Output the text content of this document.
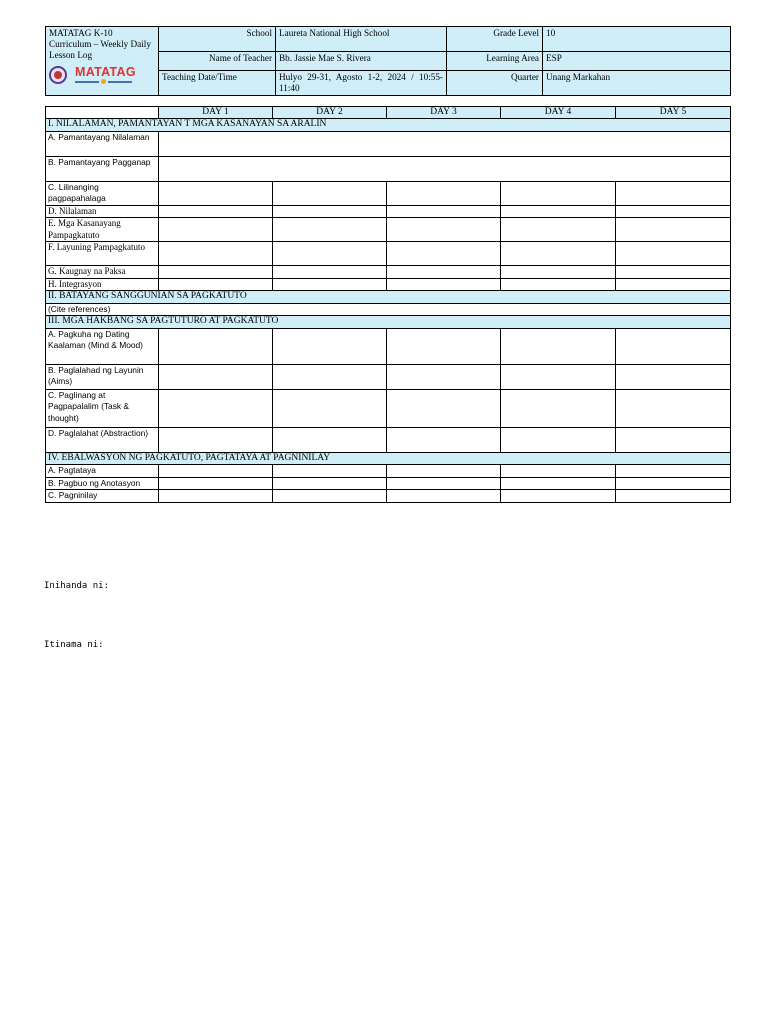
MATATAG K-10 Curriculum – Weekly Daily Lesson Log
MATATAG	School	Laureta National High School	Grade Level	10
	Name of Teacher	Bb. Jassie Mae S. Rivera	Learning Area	ESP
	Teaching Date/Time	Hulyo 29-31, Agosto 1-2, 2024 / 10:55-11:40	Quarter	Unang Markahan
	DAY 1	DAY 2	DAY 3	DAY 4	DAY 5
I. NILALAMAN, PAMANTAYAN T MGA KASANAYAN SA ARALIN					
A. Pamantayang Nilalaman					
B. Pamantayang Pagganap					
C. Lilinanging pagpapahalaga					
D. Nilalaman					
E. Mga Kasanayang Pampagkatuto					
F. Layuning Pampagkatuto					
G. Kaugnay na Paksa					
H. Integrasyon					
II. BATAYANG SANGGUNIAN SA PAGKATUTO					
(Cite references)					
III. MGA HAKBANG SA PAGTUTURO AT PAGKATUTO					
A. Pagkuha ng Dating Kaalaman (Mind & Mood)					
B. Paglalahad ng Layunin (Aims)					
C. Paglinang at Pagpapalalim (Task & thought)					
D. Paglalahat (Abstraction)					
IV. EBALWASYON NG PAGKATUTO, PAGTATAYA AT PAGNINILAY					
A. Pagtataya					
B. Pagbuo ng Anotasyon					
C. Pagninilay					
Inihanda ni:
Itinama ni:
